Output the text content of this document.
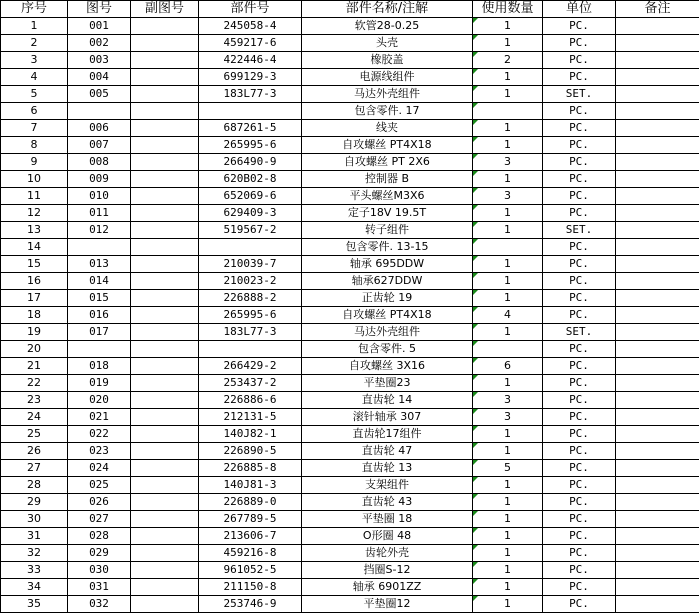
序号	图号	副图号	部件号	部件名称/注解	使用数量	单位	备注
1	001		245058-4	软管28-0.25	1	PC.	
2	002		459217-6	头壳	1	PC.	
3	003		422446-4	橡胶盖	2	PC.	
4	004		699129-3	电源线组件	1	PC.	
5	005		183L77-3	马达外壳组件	1	SET.	
6				包含零件. 17		PC.	
7	006		687261-5	线夹	1	PC.	
8	007		265995-6	自攻螺丝 PT4X18	1	PC.	
9	008		266490-9	自攻螺丝 PT 2X6	3	PC.	
10	009		620B02-8	控制器 B	1	PC.	
11	010		652069-6	平头螺丝M3X6	3	PC.	
12	011		629409-3	定子18V 19.5T	1	PC.	
13	012		519567-2	转子组件	1	SET.	
14				包含零件. 13-15		PC.	
15	013		210039-7	轴承 695DDW	1	PC.	
16	014		210023-2	轴承627DDW	1	PC.	
17	015		226888-2	正齿轮 19	1	PC.	
18	016		265995-6	自攻螺丝 PT4X18	4	PC.	
19	017		183L77-3	马达外壳组件	1	SET.	
20				包含零件. 5		PC.	
21	018		266429-2	自攻螺丝 3X16	6	PC.	
22	019		253437-2	平垫圈23	1	PC.	
23	020		226886-6	直齿轮 14	3	PC.	
24	021		212131-5	滚针轴承 307	3	PC.	
25	022		140J82-1	直齿轮17组件	1	PC.	
26	023		226890-5	直齿轮 47	1	PC.	
27	024		226885-8	直齿轮 13	5	PC.	
28	025		140J81-3	支架组件	1	PC.	
29	026		226889-0	直齿轮 43	1	PC.	
30	027		267789-5	平垫圈 18	1	PC.	
31	028		213606-7	O形圈 48	1	PC.	
32	029		459216-8	齿轮外壳	1	PC.	
33	030		961052-5	挡圈S-12	1	PC.	
34	031		211150-8	轴承 6901ZZ	1	PC.	
35	032		253746-9	平垫圈12	1	PC.	
